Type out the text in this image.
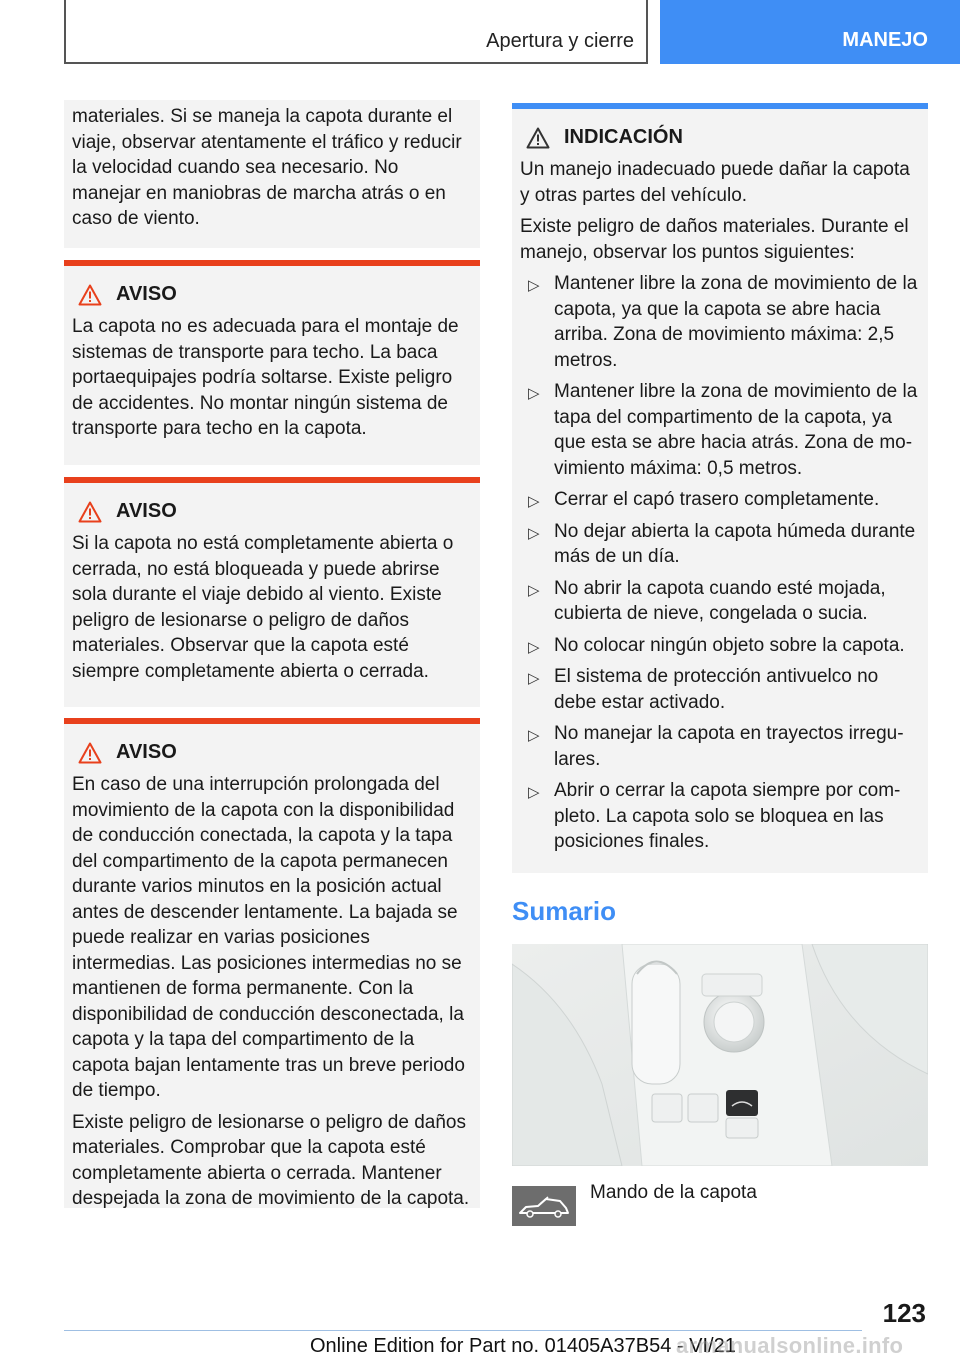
Apertura y cierre	MANEJO

materiales. Si se maneja la capota durante el viaje, observar atentamente el tráfico y reducir la velocidad cuando sea necesario. No manejar en maniobras de marcha atrás o en caso de viento.

AVISO

La capota no es adecuada para el montaje de sistemas de transporte para techo. La baca portaequipajes podría soltarse. Existe peligro de accidentes. No montar ningún sistema de transporte para techo en la capota.

AVISO

Si la capota no está completamente abierta o cerrada, no está bloqueada y puede abrirse sola durante el viaje debido al viento. Existe peligro de lesionarse o peligro de daños materiales. Observar que la capota esté siempre completamente abierta o cerrada.

AVISO

En caso de una interrupción prolongada del movimiento de la capota con la disponibilidad de conducción conectada, la capota y la tapa del compartimento de la capota permanecen durante varios minutos en la posición actual antes de descender lentamente. La bajada se puede realizar en varias posiciones intermedias. Las posiciones intermedias no se mantienen de forma permanente. Con la disponibilidad de conducción desconectada, la capota y la tapa del compartimento de la capota bajan lentamente tras un breve periodo de tiempo.

Existe peligro de lesionarse o peligro de daños materiales. Comprobar que la capota esté completamente abierta o cerrada. Mantener despejada la zona de movimiento de la capota.

INDICACIÓN

Un manejo inadecuado puede dañar la capota y otras partes del vehículo.

Existe peligro de daños materiales. Durante el manejo, observar los puntos siguientes:

▷ Mantener libre la zona de movimiento de la capota, ya que la capota se abre hacia arriba. Zona de movimiento máxima: 2,5 metros.
▷ Mantener libre la zona de movimiento de la tapa del compartimento de la capota, ya que esta se abre hacia atrás. Zona de movimiento máxima: 0,5 metros.
▷ Cerrar el capó trasero completamente.
▷ No dejar abierta la capota húmeda durante más de un día.
▷ No abrir la capota cuando esté mojada, cubierta de nieve, congelada o sucia.
▷ No colocar ningún objeto sobre la capota.
▷ El sistema de protección antivuelco no debe estar activado.
▷ No manejar la capota en trayectos irregulares.
▷ Abrir o cerrar la capota siempre por completo. La capota solo se bloquea en las posiciones finales.
Sumario
Mando de la capota
123
Online Edition for Part no. 01405A37B54 - VI/21
armanualsonline.info
